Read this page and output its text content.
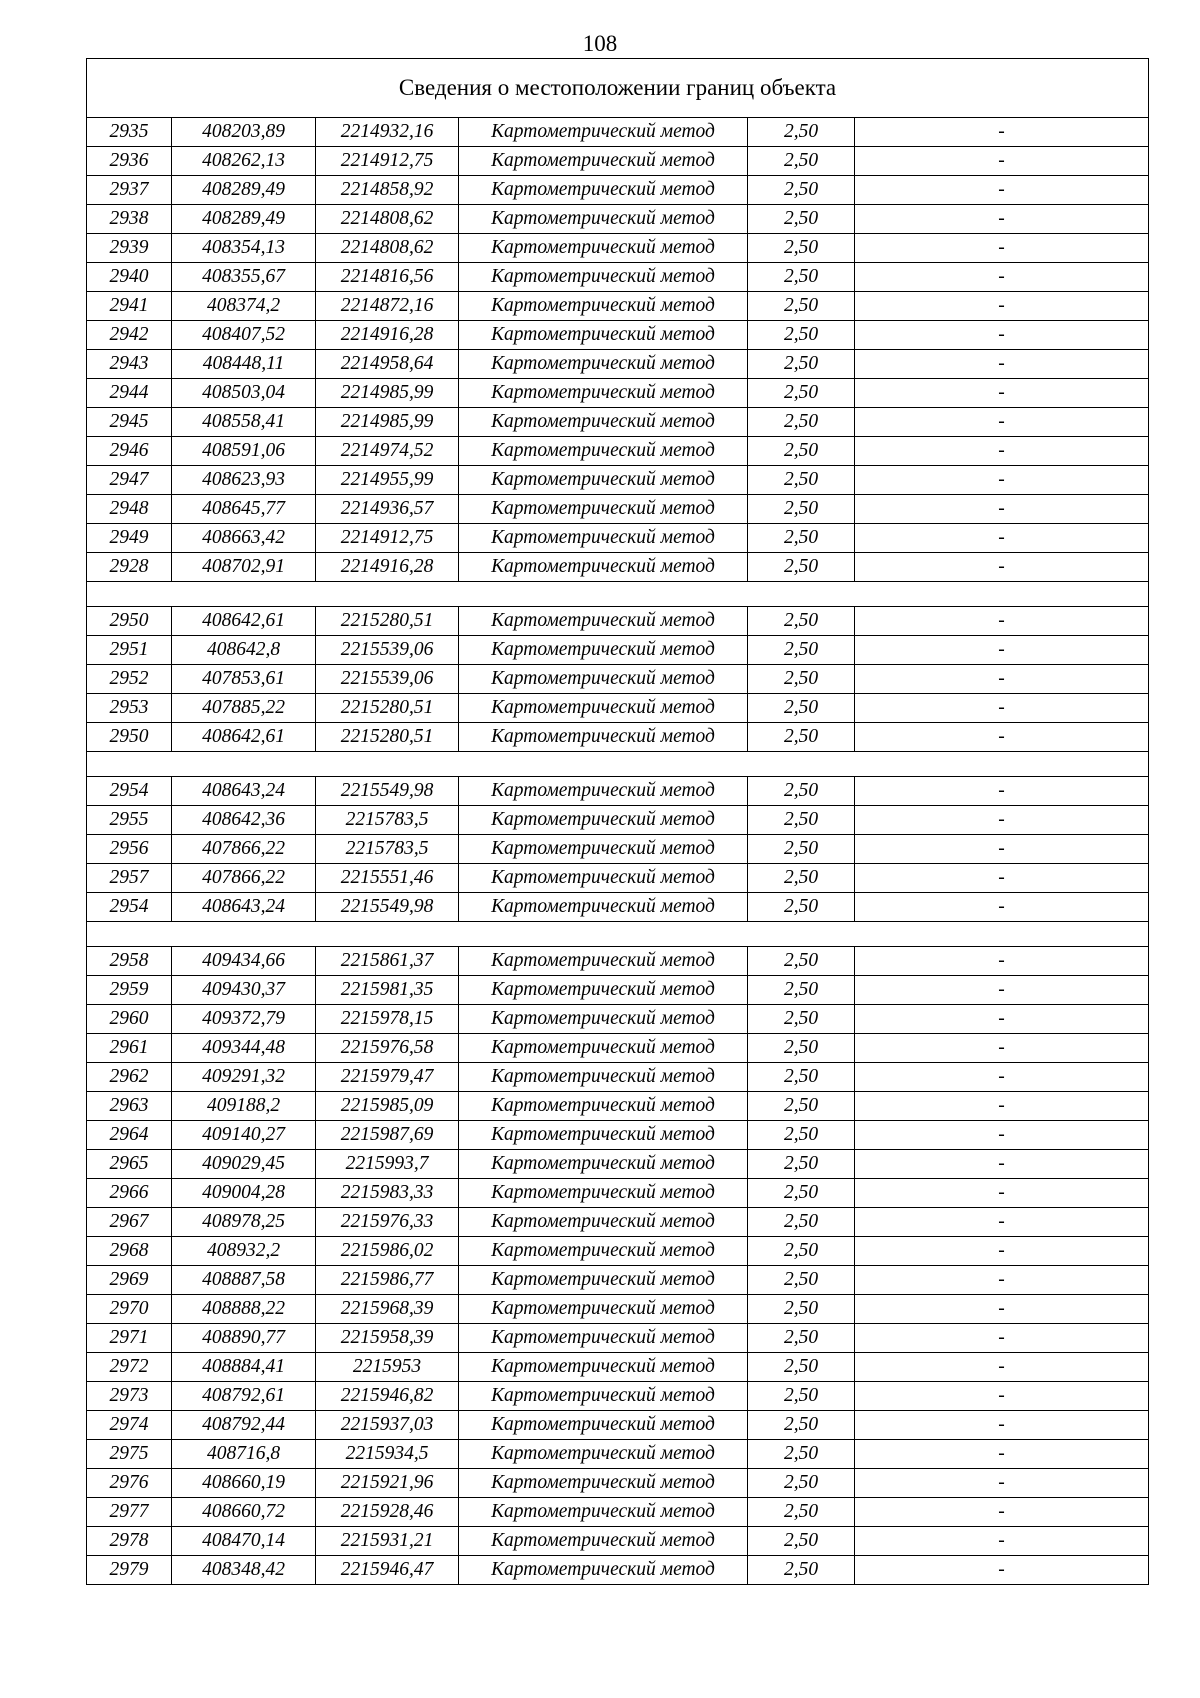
108
Сведения о местоположении границ объекта					
2935	408203,89	2214932,16	Картометрический метод	2,50	-
2936	408262,13	2214912,75	Картометрический метод	2,50	-
2937	408289,49	2214858,92	Картометрический метод	2,50	-
2938	408289,49	2214808,62	Картометрический метод	2,50	-
2939	408354,13	2214808,62	Картометрический метод	2,50	-
2940	408355,67	2214816,56	Картометрический метод	2,50	-
2941	408374,2	2214872,16	Картометрический метод	2,50	-
2942	408407,52	2214916,28	Картометрический метод	2,50	-
2943	408448,11	2214958,64	Картометрический метод	2,50	-
2944	408503,04	2214985,99	Картометрический метод	2,50	-
2945	408558,41	2214985,99	Картометрический метод	2,50	-
2946	408591,06	2214974,52	Картометрический метод	2,50	-
2947	408623,93	2214955,99	Картометрический метод	2,50	-
2948	408645,77	2214936,57	Картометрический метод	2,50	-
2949	408663,42	2214912,75	Картометрический метод	2,50	-
2928	408702,91	2214916,28	Картометрический метод	2,50	-

2950	408642,61	2215280,51	Картометрический метод	2,50	-
2951	408642,8	2215539,06	Картометрический метод	2,50	-
2952	407853,61	2215539,06	Картометрический метод	2,50	-
2953	407885,22	2215280,51	Картометрический метод	2,50	-
2950	408642,61	2215280,51	Картометрический метод	2,50	-

2954	408643,24	2215549,98	Картометрический метод	2,50	-
2955	408642,36	2215783,5	Картометрический метод	2,50	-
2956	407866,22	2215783,5	Картометрический метод	2,50	-
2957	407866,22	2215551,46	Картометрический метод	2,50	-
2954	408643,24	2215549,98	Картометрический метод	2,50	-

2958	409434,66	2215861,37	Картометрический метод	2,50	-
2959	409430,37	2215981,35	Картометрический метод	2,50	-
2960	409372,79	2215978,15	Картометрический метод	2,50	-
2961	409344,48	2215976,58	Картометрический метод	2,50	-
2962	409291,32	2215979,47	Картометрический метод	2,50	-
2963	409188,2	2215985,09	Картометрический метод	2,50	-
2964	409140,27	2215987,69	Картометрический метод	2,50	-
2965	409029,45	2215993,7	Картометрический метод	2,50	-
2966	409004,28	2215983,33	Картометрический метод	2,50	-
2967	408978,25	2215976,33	Картометрический метод	2,50	-
2968	408932,2	2215986,02	Картометрический метод	2,50	-
2969	408887,58	2215986,77	Картометрический метод	2,50	-
2970	408888,22	2215968,39	Картометрический метод	2,50	-
2971	408890,77	2215958,39	Картометрический метод	2,50	-
2972	408884,41	2215953	Картометрический метод	2,50	-
2973	408792,61	2215946,82	Картометрический метод	2,50	-
2974	408792,44	2215937,03	Картометрический метод	2,50	-
2975	408716,8	2215934,5	Картометрический метод	2,50	-
2976	408660,19	2215921,96	Картометрический метод	2,50	-
2977	408660,72	2215928,46	Картометрический метод	2,50	-
2978	408470,14	2215931,21	Картометрический метод	2,50	-
2979	408348,42	2215946,47	Картометрический метод	2,50	-
